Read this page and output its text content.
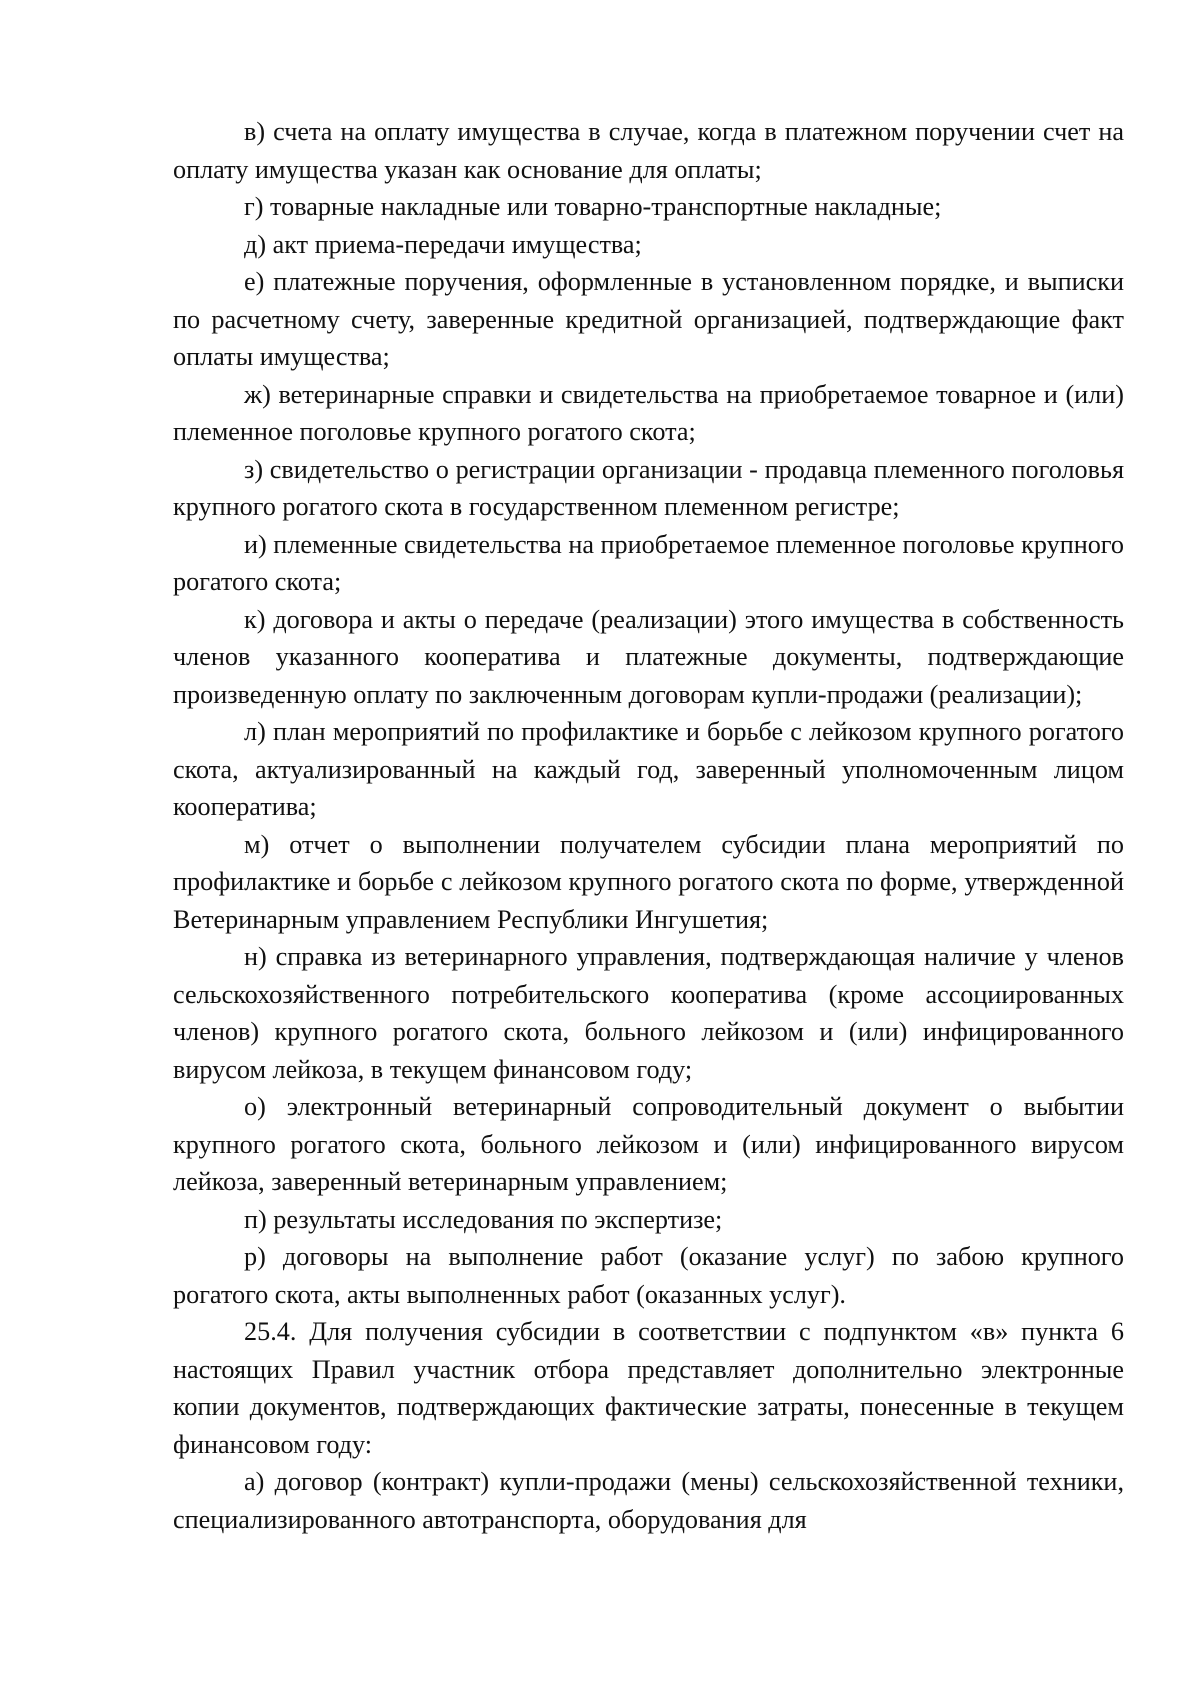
в) счета на оплату имущества в случае, когда в платежном поручении счет на оплату имущества указан как основание для оплаты;

г) товарные накладные или товарно-транспортные накладные;

д) акт приема-передачи имущества;

е) платежные поручения, оформленные в установленном порядке, и выписки по расчетному счету, заверенные кредитной организацией, подтверждающие факт оплаты имущества;

ж) ветеринарные справки и свидетельства на приобретаемое товарное и (или) племенное поголовье крупного рогатого скота;

з) свидетельство о регистрации организации - продавца племенного поголовья крупного рогатого скота в государственном племенном регистре;

и) племенные свидетельства на приобретаемое племенное поголовье крупного рогатого скота;

к) договора и акты о передаче (реализации) этого имущества в собственность членов указанного кооператива и платежные документы, подтверждающие произведенную оплату по заключенным договорам купли-продажи (реализации);

л) план мероприятий по профилактике и борьбе с лейкозом крупного рогатого скота, актуализированный на каждый год, заверенный уполномоченным лицом кооператива;

м) отчет о выполнении получателем субсидии плана мероприятий по профилактике и борьбе с лейкозом крупного рогатого скота по форме, утвержденной Ветеринарным управлением Республики Ингушетия;

н) справка из ветеринарного управления, подтверждающая наличие у членов сельскохозяйственного потребительского кооператива (кроме ассоциированных членов) крупного рогатого скота, больного лейкозом и (или) инфицированного вирусом лейкоза, в текущем финансовом году;

о) электронный ветеринарный сопроводительный документ о выбытии крупного рогатого скота, больного лейкозом и (или) инфицированного вирусом лейкоза, заверенный ветеринарным управлением;

п) результаты исследования по экспертизе;

р) договоры на выполнение работ (оказание услуг) по забою крупного рогатого скота, акты выполненных работ (оказанных услуг).

25.4. Для получения субсидии в соответствии с подпунктом «в» пункта 6 настоящих Правил участник отбора представляет дополнительно электронные копии документов, подтверждающих фактические затраты, понесенные в текущем финансовом году:

а) договор (контракт) купли-продажи (мены) сельскохозяйственной техники, специализированного автотранспорта, оборудования для
